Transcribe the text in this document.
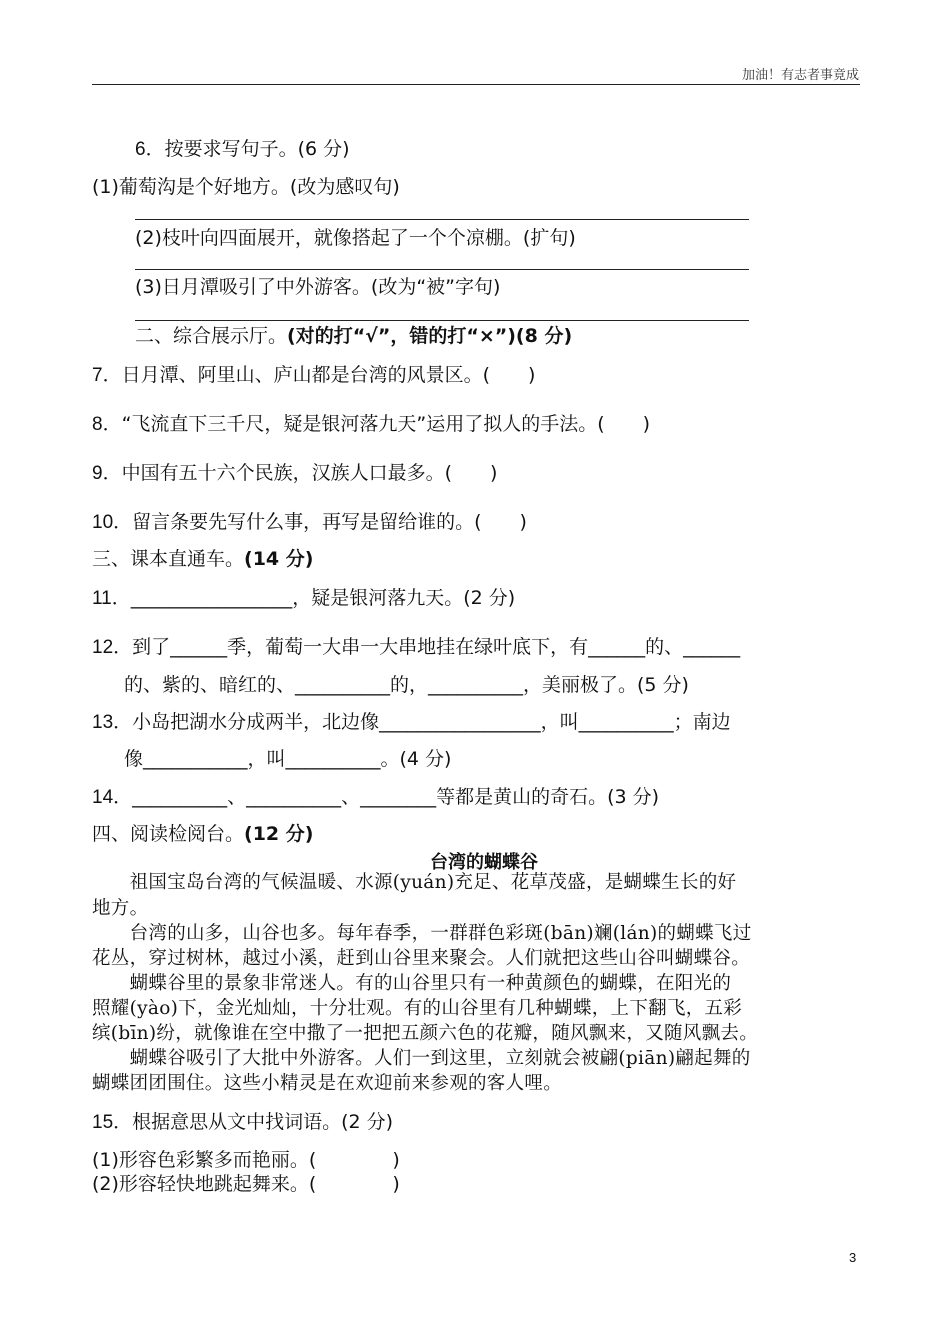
加油！有志者事竟成
6．按要求写句子。(6 分)
(1)葡萄沟是个好地方。(改为感叹句)
(2)枝叶向四面展开，就像搭起了一个个凉棚。(扩句)
(3)日月潭吸引了中外游客。(改为“被”字句)
二、综合展示厅。(对的打“√”，错的打“×”)(8 分)
7．日月潭、阿里山、庐山都是台湾的风景区。(　　)
8．“飞流直下三千尺，疑是银河落九天”运用了拟人的手法。(　　)
9．中国有五十六个民族，汉族人口最多。(　　)
10．留言条要先写什么事，再写是留给谁的。(　　)
三、课本直通车。(14 分)
11．_________________，疑是银河落九天。(2 分)
12．到了______季，葡萄一大串一大串地挂在绿叶底下，有______的、______
的、紫的、暗红的、__________的，__________，美丽极了。(5 分)
13．小岛把湖水分成两半，北边像_________________，叫__________；南边
像___________，叫__________。(4 分)
14．__________、__________、________等都是黄山的奇石。(3 分)
四、阅读检阅台。(12 分)
台湾的蝴蝶谷
　　祖国宝岛台湾的气候温暖、水源(yuán)充足、花草茂盛，是蝴蝶生长的好
地方。
　　台湾的山多，山谷也多。每年春季，一群群色彩斑(bān)斓(lán)的蝴蝶飞过
花丛，穿过树林，越过小溪，赶到山谷里来聚会。人们就把这些山谷叫蝴蝶谷。
　　蝴蝶谷里的景象非常迷人。有的山谷里只有一种黄颜色的蝴蝶，在阳光的
照耀(yào)下，金光灿灿，十分壮观。有的山谷里有几种蝴蝶，上下翻飞，五彩
缤(bīn)纷，就像谁在空中撒了一把把五颜六色的花瓣，随风飘来，又随风飘去。
　　蝴蝶谷吸引了大批中外游客。人们一到这里，立刻就会被翩(piān)翩起舞的
蝴蝶团团围住。这些小精灵是在欢迎前来参观的客人哩。
15．根据意思从文中找词语。(2 分)
(1)形容色彩繁多而艳丽。(　　　　)
(2)形容轻快地跳起舞来。(　　　　)
3
